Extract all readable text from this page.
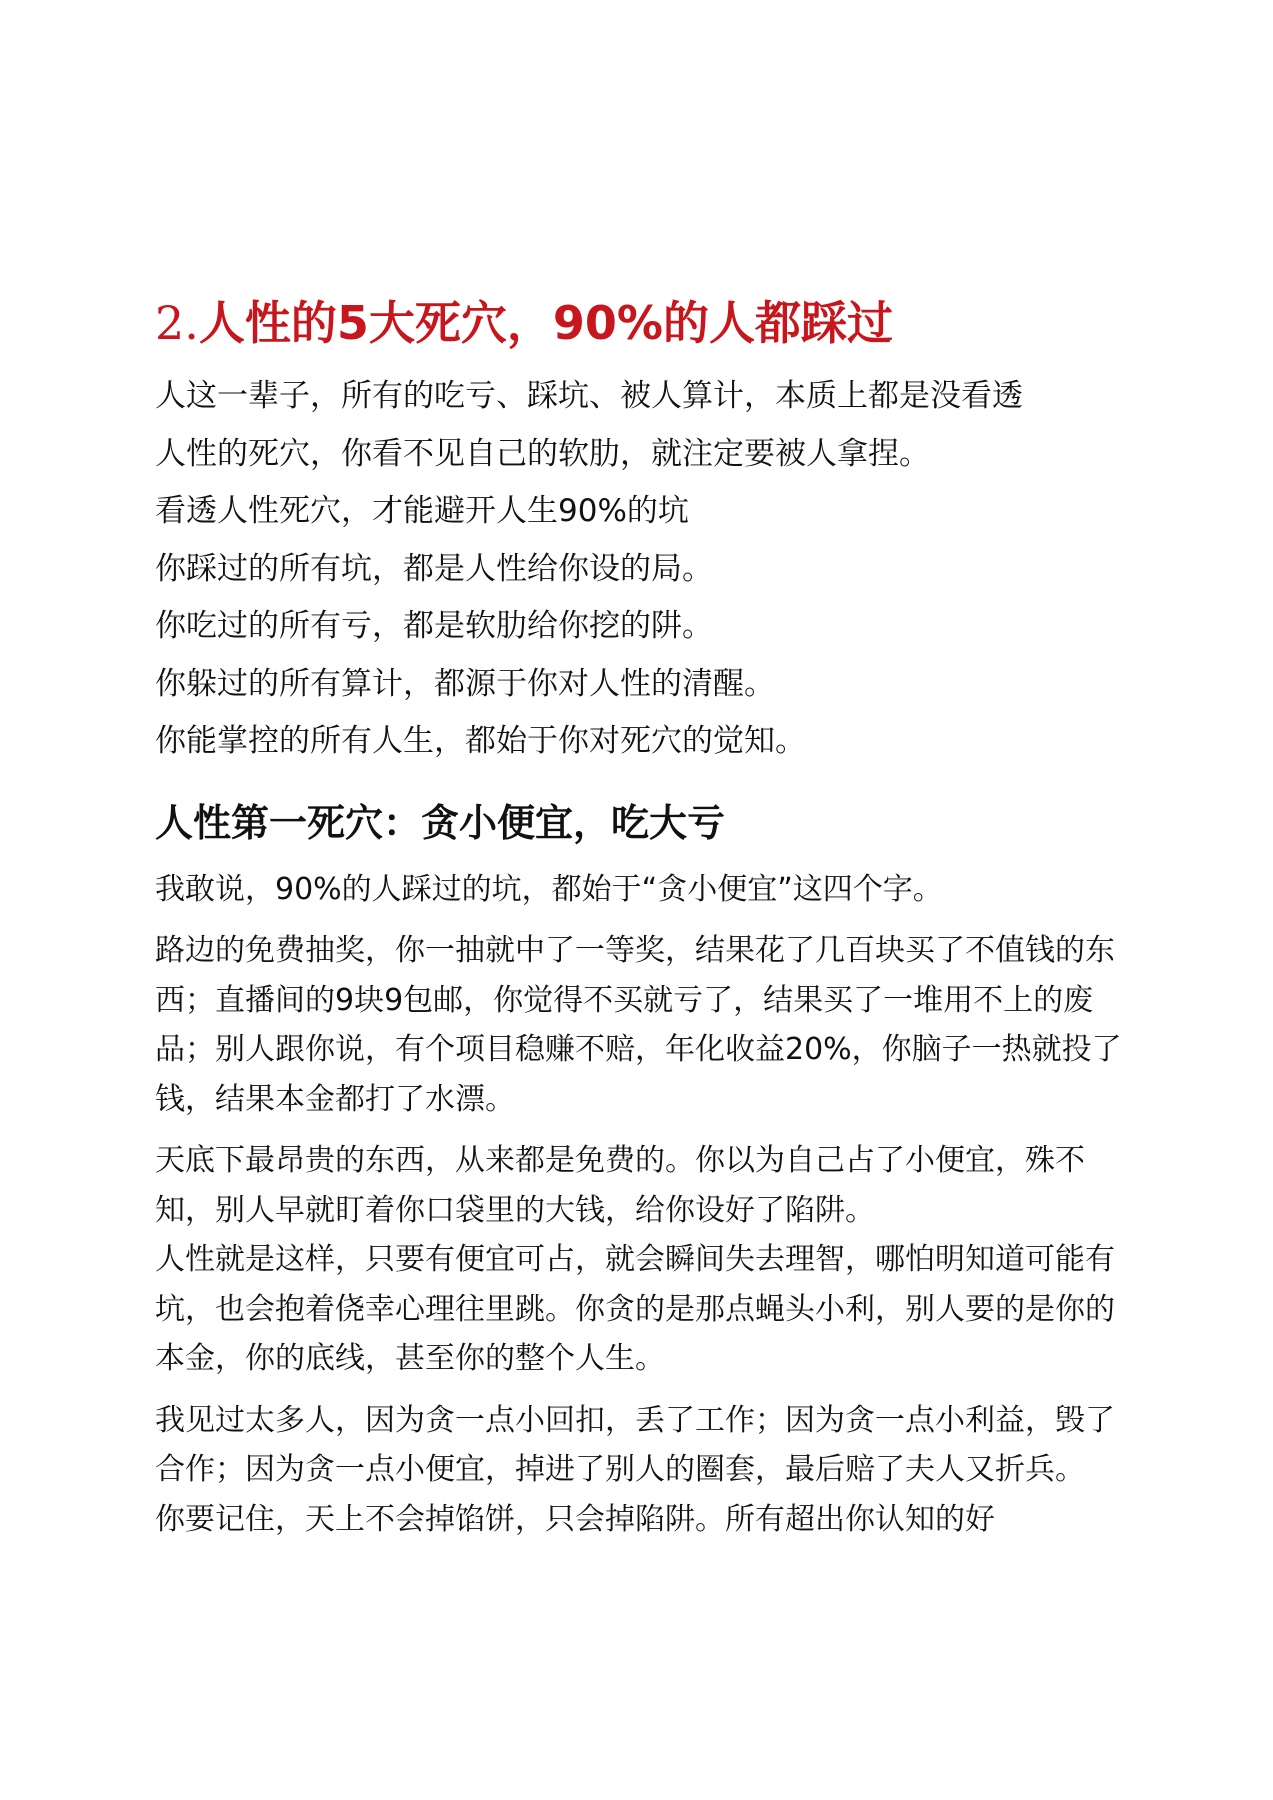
2.人性的5大死穴，90%的人都踩过

人这一辈子，所有的吃亏、踩坑、被人算计，本质上都是没看透

人性的死穴，你看不见自己的软肋，就注定要被人拿捏。

看透人性死穴，才能避开人生90%的坑

你踩过的所有坑，都是人性给你设的局。

你吃过的所有亏，都是软肋给你挖的阱。

你躲过的所有算计，都源于你对人性的清醒。

你能掌控的所有人生，都始于你对死穴的觉知。

人性第一死穴：贪小便宜，吃大亏

我敢说，90%的人踩过的坑，都始于“贪小便宜”这四个字。

路边的免费抽奖，你一抽就中了一等奖，结果花了几百块买了不值钱的东西；直播间的9块9包邮，你觉得不买就亏了，结果买了一堆用不上的废品；别人跟你说，有个项目稳赚不赔，年化收益20%，你脑子一热就投了钱，结果本金都打了水漂。

天底下最昂贵的东西，从来都是免费的。你以为自己占了小便宜，殊不知，别人早就盯着你口袋里的大钱，给你设好了陷阱。

人性就是这样，只要有便宜可占，就会瞬间失去理智，哪怕明知道可能有坑，也会抱着侥幸心理往里跳。你贪的是那点蝇头小利，别人要的是你的本金，你的底线，甚至你的整个人生。

我见过太多人，因为贪一点小回扣，丢了工作；因为贪一点小利益，毁了合作；因为贪一点小便宜，掉进了别人的圈套，最后赔了夫人又折兵。

你要记住，天上不会掉馅饼，只会掉陷阱。所有超出你认知的好
